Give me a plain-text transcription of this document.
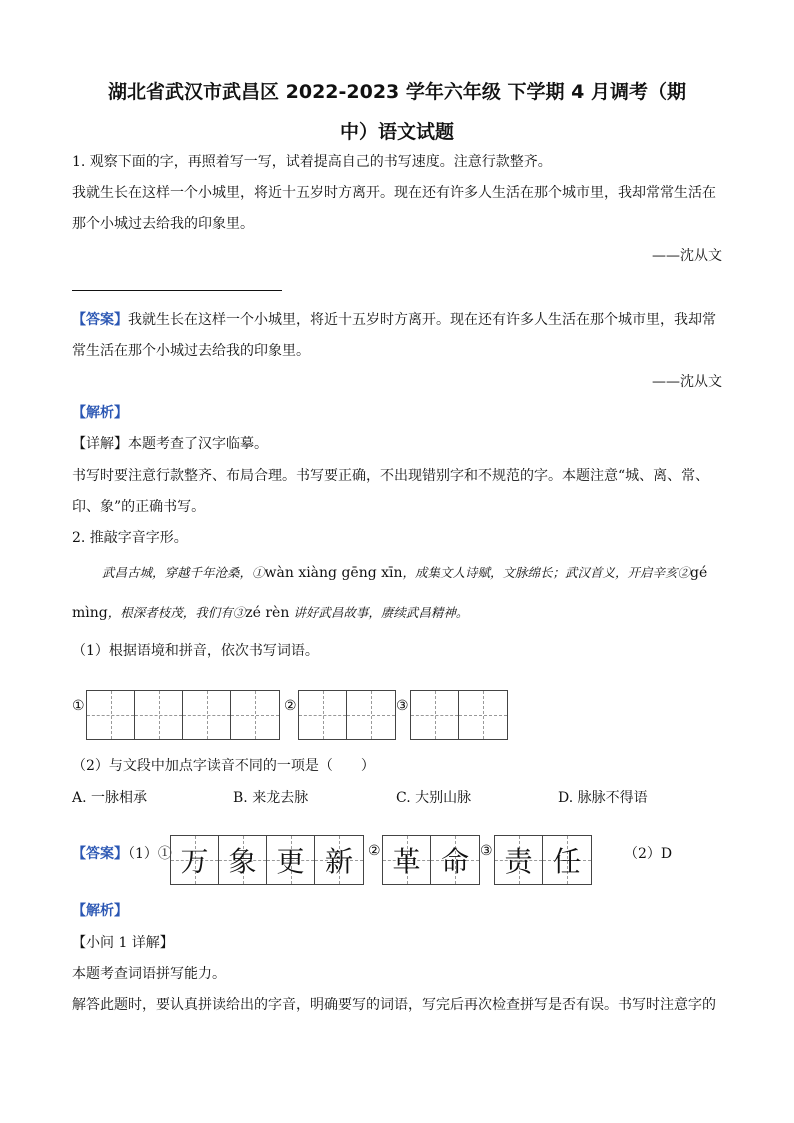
湖北省武汉市武昌区 2022-2023 学年六年级 下学期 4 月调考（期
中）语文试题
1. 观察下面的字，再照着写一写，试着提高自己的书写速度。注意行款整齐。
我就生长在这样一个小城里，将近十五岁时方离开。现在还有许多人生活在那个城市里，我却常常生活在
那个小城过去给我的印象里。
——沈从文
【答案】我就生长在这样一个小城里，将近十五岁时方离开。现在还有许多人生活在那个城市里，我却常
常生活在那个小城过去给我的印象里。
——沈从文
【解析】
【详解】本题考查了汉字临摹。
书写时要注意行款整齐、布局合理。书写要正确，不出现错别字和不规范的字。本题注意“城、离、常、
印、象”的正确书写。
2. 推敲字音字形。
武昌古城，穿越千年沧桑，①wàn xiàng gēng xīn，成集文人诗赋，文脉绵长；武汉首义，开启辛亥②gé
mìng，根深者枝茂，我们有③zé rèn 讲好武昌故事，赓续武昌精神。
（1）根据语境和拼音，依次书写词语。
①	②	③
（2）与文段中加点字读音不同的一项是（　　）
A. 一脉相承	B. 来龙去脉	C. 大别山脉	D. 脉脉不得语
【答案】（1）① 万 象 更 新 ② 革 命 ③ 责 任	（2）D
【解析】
【小问 1 详解】
本题考查词语拼写能力。
解答此题时，要认真拼读给出的字音，明确要写的词语，写完后再次检查拼写是否有误。书写时注意字的
